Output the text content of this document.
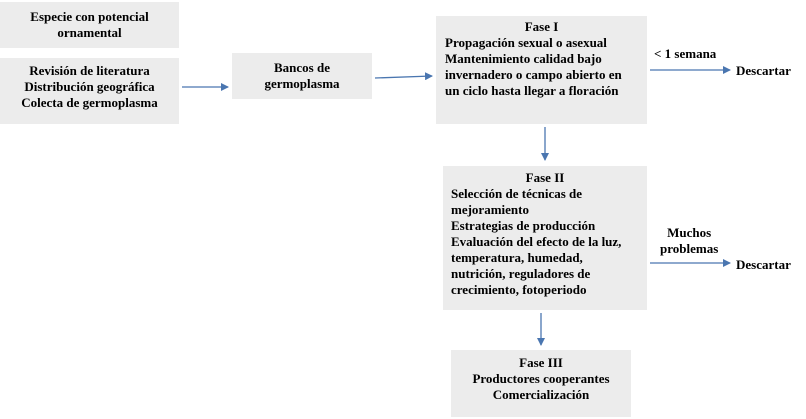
Especie con potencial
ornamental
Revisión de literatura
Distribución geográfica
Colecta de germoplasma
Bancos de
germoplasma
Fase I
Propagación sexual o asexual
Mantenimiento calidad bajo
invernadero o campo abierto en
un ciclo hasta llegar a floración
Fase II
Selección de técnicas de
mejoramiento
Estrategias de producción
Evaluación del efecto de la luz,
temperatura, humedad,
nutrición, reguladores de
crecimiento, fotoperiodo
Fase III
Productores cooperantes
Comercialización
< 1 semana
Descartar
Muchos
problemas
Descartar
